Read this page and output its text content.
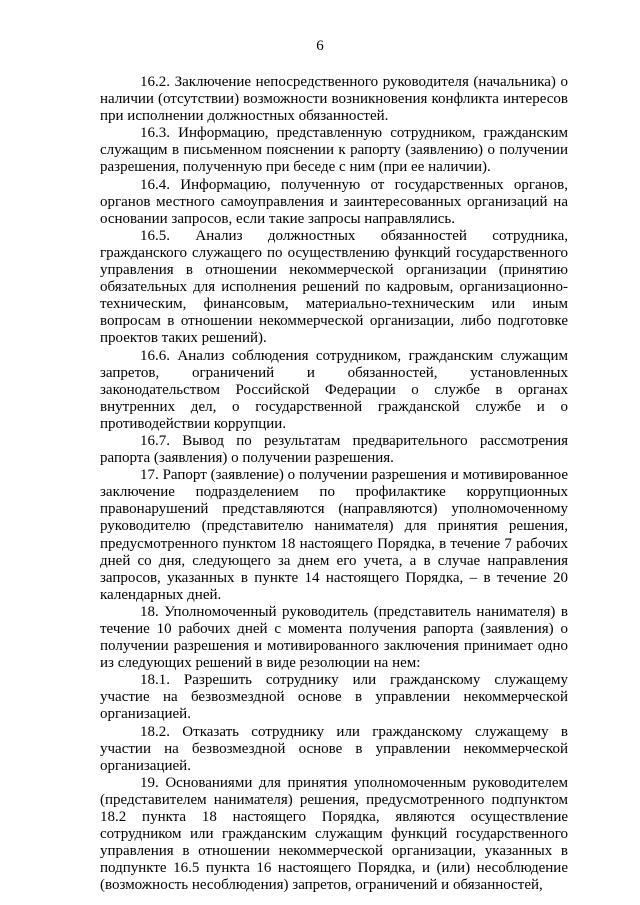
6

16.2. Заключение непосредственного руководителя (начальника) о наличии (отсутствии) возможности возникновения конфликта интересов при исполнении должностных обязанностей.

16.3. Информацию, представленную сотрудником, гражданским служащим в письменном пояснении к рапорту (заявлению) о получении разрешения, полученную при беседе с ним (при ее наличии).

16.4. Информацию, полученную от государственных органов, органов местного самоуправления и заинтересованных организаций на основании запросов, если такие запросы направлялись.

16.5. Анализ должностных обязанностей сотрудника, гражданского служащего по осуществлению функций государственного управления в отношении некоммерческой организации (принятию обязательных для исполнения решений по кадровым, организационно-техническим, финансовым, материально-техническим или иным вопросам в отношении некоммерческой организации, либо подготовке проектов таких решений).

16.6. Анализ соблюдения сотрудником, гражданским служащим запретов, ограничений и обязанностей, установленных законодательством Российской Федерации о службе в органах внутренних дел, о государственной гражданской службе и о противодействии коррупции.

16.7. Вывод по результатам предварительного рассмотрения рапорта (заявления) о получении разрешения.

17. Рапорт (заявление) о получении разрешения и мотивированное заключение подразделением по профилактике коррупционных правонарушений представляются (направляются) уполномоченному руководителю (представителю нанимателя) для принятия решения, предусмотренного пунктом 18 настоящего Порядка, в течение 7 рабочих дней со дня, следующего за днем его учета, а в случае направления запросов, указанных в пункте 14 настоящего Порядка, – в течение 20 календарных дней.

18. Уполномоченный руководитель (представитель нанимателя) в течение 10 рабочих дней с момента получения рапорта (заявления) о получении разрешения и мотивированного заключения принимает одно из следующих решений в виде резолюции на нем:

18.1. Разрешить сотруднику или гражданскому служащему участие на безвозмездной основе в управлении некоммерческой организацией.

18.2. Отказать сотруднику или гражданскому служащему в участии на безвозмездной основе в управлении некоммерческой организацией.

19. Основаниями для принятия уполномоченным руководителем (представителем нанимателя) решения, предусмотренного подпунктом 18.2 пункта 18 настоящего Порядка, являются осуществление сотрудником или гражданским служащим функций государственного управления в отношении некоммерческой организации, указанных в подпункте 16.5 пункта 16 настоящего Порядка, и (или) несоблюдение (возможность несоблюдения) запретов, ограничений и обязанностей,
